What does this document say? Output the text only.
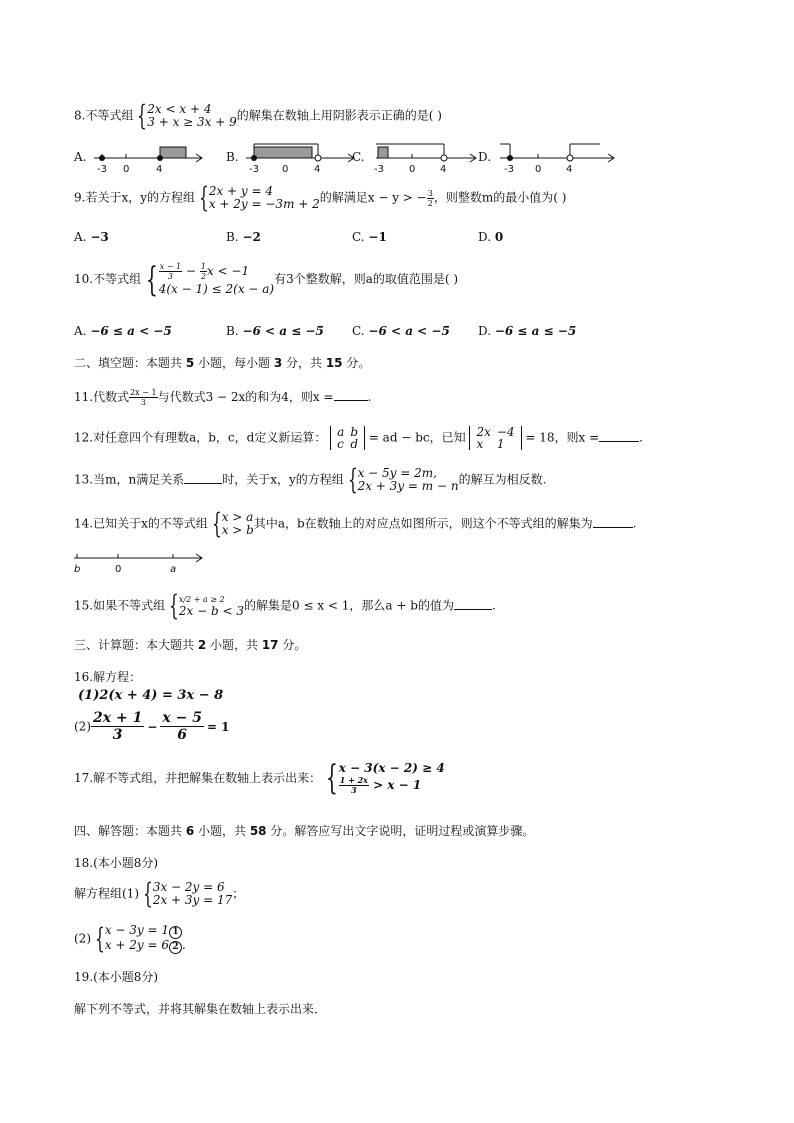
8.不等式组 { 2x < x + 4
3 + x ≥ 3x + 9 的解集在数轴上用阴影表示正确的是( )
A.
-3 0	4
B.
-3 0	4
C.
-3	0 4
D.
-3 0 4
9.若关于x，y的方程组 { 2x + y = 4
x + 2y = −3m + 2 的解满足x − y > − $\frac{3}{2}$ ，则整数m的最小值为( )
A. −3	B. −2	C. −1	D. 0
10.不等式组 { $\frac{x - 1}{3} - \frac{1}{2}$ x < −1
4(x − 1) ≤ 2(x − a)
有3个整数解，则a的取值范围是( )
A. −6 ≤ a < −5	B. −6 < a ≤ −5 C. −6 < a < −5 D. −6 ≤ a ≤ −5
二、填空题：本题共 5 小题，每小题 3 分，共 15 分。
11.代数式 $\frac{2x - 1}{3}$ 与代数式3 − 2x的和为4，则x =	.
12.对任意四个有理数a，b，c，d定义新运算： a	b
c	d = ad − bc，已知 2x	−4
x	1 = 18，则x =	.
13.当m，n满足关系	时，关于x，y的方程组 { x − 5y = 2m,
2x + 3y = m − n 的解互为相反数.
14.已知关于x的不等式组 { x > a
x > b 其中a，b在数轴上的对应点如图所示，则这个不等式组的解集为	.
b	0	a
15.如果不等式组 { x/2 + a ≥ 2
2x − b < 3 的解集是0 ≤ x < 1，那么a + b的值为	.
三、计算题：本大题共 2 小题，共 17 分。
16.解方程：
(1)2(x + 4) = 3x − 8
$(2) \frac{2x + 1}{3} - \frac{x - 5}{6} = 1$
17.解不等式组，并把解集在数轴上表示出来： { x − 3(x − 2) ≥ 4
$\frac{1 + 2x}{3} > x - 1$
四、解答题：本题共 6 小题，共 58 分。解答应写出文字说明，证明过程或演算步骤。
18.(本小题8分)
解方程组(1) { 3x − 2y = 6
2x + 3y = 17 ；
(2) { x − 3y = 1 1
x + 2y = 6 2 .
19.(本小题8分)
解下列不等式，并将其解集在数轴上表示出来．
